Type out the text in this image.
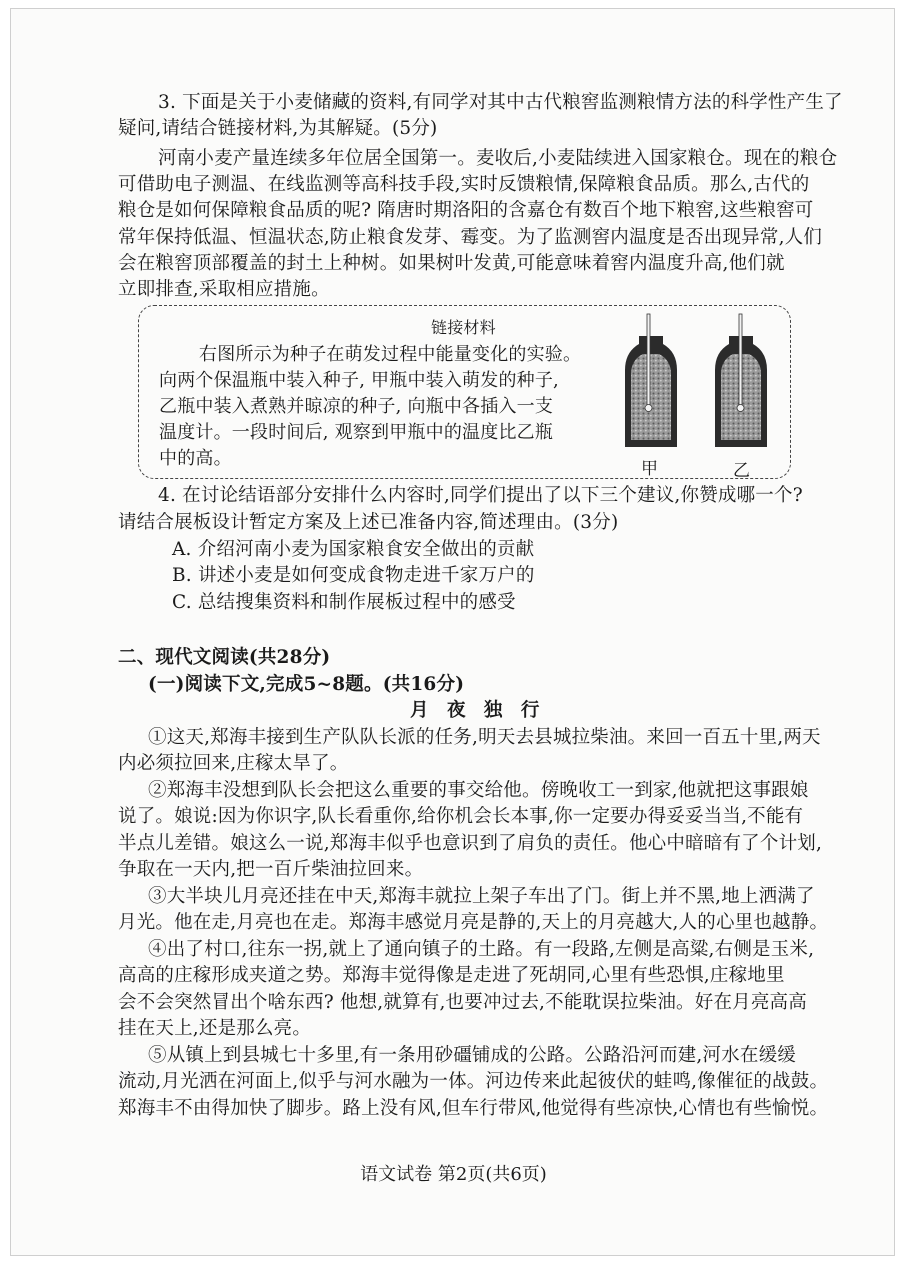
3. 下面是关于小麦储藏的资料,有同学对其中古代粮窖监测粮情方法的科学性产生了
疑问,请结合链接材料,为其解疑。(5分)
河南小麦产量连续多年位居全国第一。麦收后,小麦陆续进入国家粮仓。现在的粮仓
可借助电子测温、在线监测等高科技手段,实时反馈粮情,保障粮食品质。那么,古代的
粮仓是如何保障粮食品质的呢? 隋唐时期洛阳的含嘉仓有数百个地下粮窖,这些粮窖可
常年保持低温、恒温状态,防止粮食发芽、霉变。为了监测窖内温度是否出现异常,人们
会在粮窖顶部覆盖的封土上种树。如果树叶发黄,可能意味着窖内温度升高,他们就
立即排查,采取相应措施。
链接材料
右图所示为种子在萌发过程中能量变化的实验。
向两个保温瓶中装入种子, 甲瓶中装入萌发的种子,
乙瓶中装入煮熟并晾凉的种子, 向瓶中各插入一支
温度计。一段时间后, 观察到甲瓶中的温度比乙瓶
中的高。	甲	乙
4. 在讨论结语部分安排什么内容时,同学们提出了以下三个建议,你赞成哪一个?
请结合展板设计暂定方案及上述已准备内容,简述理由。(3分)
A. 介绍河南小麦为国家粮食安全做出的贡献
B. 讲述小麦是如何变成食物走进千家万户的
C. 总结搜集资料和制作展板过程中的感受
二、现代文阅读(共28分)
(一)阅读下文,完成5~8题。(共16分)
月 夜 独 行
①这天,郑海丰接到生产队队长派的任务,明天去县城拉柴油。来回一百五十里,两天
内必须拉回来,庄稼太旱了。
②郑海丰没想到队长会把这么重要的事交给他。傍晚收工一到家,他就把这事跟娘
说了。娘说:因为你识字,队长看重你,给你机会长本事,你一定要办得妥妥当当,不能有
半点儿差错。娘这么一说,郑海丰似乎也意识到了肩负的责任。他心中暗暗有了个计划,
争取在一天内,把一百斤柴油拉回来。
③大半块儿月亮还挂在中天,郑海丰就拉上架子车出了门。街上并不黑,地上洒满了
月光。他在走,月亮也在走。郑海丰感觉月亮是静的,天上的月亮越大,人的心里也越静。
④出了村口,往东一拐,就上了通向镇子的土路。有一段路,左侧是高粱,右侧是玉米,
高高的庄稼形成夹道之势。郑海丰觉得像是走进了死胡同,心里有些恐惧,庄稼地里
会不会突然冒出个啥东西? 他想,就算有,也要冲过去,不能耽误拉柴油。好在月亮高高
挂在天上,还是那么亮。
⑤从镇上到县城七十多里,有一条用砂礓铺成的公路。公路沿河而建,河水在缓缓
流动,月光洒在河面上,似乎与河水融为一体。河边传来此起彼伏的蛙鸣,像催征的战鼓。
郑海丰不由得加快了脚步。路上没有风,但车行带风,他觉得有些凉快,心情也有些愉悦。
语文试卷 第2页(共6页)
